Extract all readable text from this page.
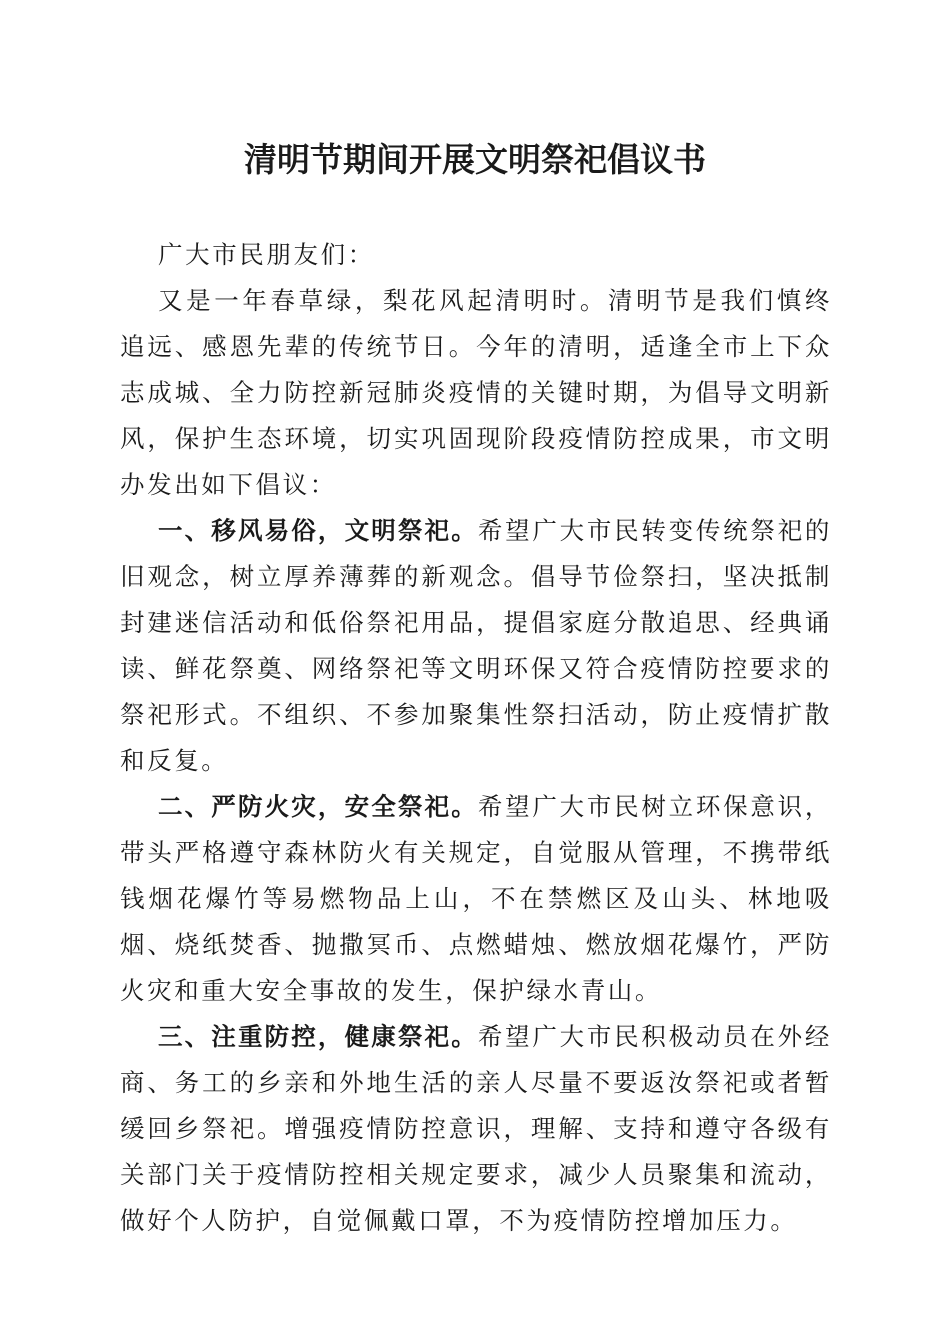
清明节期间开展文明祭祀倡议书

广大市民朋友们：

又是一年春草绿，梨花风起清明时。清明节是我们慎终追远、感恩先辈的传统节日。今年的清明，适逢全市上下众志成城、全力防控新冠肺炎疫情的关键时期，为倡导文明新风，保护生态环境，切实巩固现阶段疫情防控成果，市文明办发出如下倡议：

一、移风易俗，文明祭祀。希望广大市民转变传统祭祀的旧观念，树立厚养薄葬的新观念。倡导节俭祭扫，坚决抵制封建迷信活动和低俗祭祀用品，提倡家庭分散追思、经典诵读、鲜花祭奠、网络祭祀等文明环保又符合疫情防控要求的祭祀形式。不组织、不参加聚集性祭扫活动，防止疫情扩散和反复。

二、严防火灾，安全祭祀。希望广大市民树立环保意识，带头严格遵守森林防火有关规定，自觉服从管理，不携带纸钱烟花爆竹等易燃物品上山，不在禁燃区及山头、林地吸烟、烧纸焚香、抛撒冥币、点燃蜡烛、燃放烟花爆竹，严防火灾和重大安全事故的发生，保护绿水青山。

三、注重防控，健康祭祀。希望广大市民积极动员在外经商、务工的乡亲和外地生活的亲人尽量不要返汝祭祀或者暂缓回乡祭祀。增强疫情防控意识，理解、支持和遵守各级有关部门关于疫情防控相关规定要求，减少人员聚集和流动，做好个人防护，自觉佩戴口罩，不为疫情防控增加压力。
